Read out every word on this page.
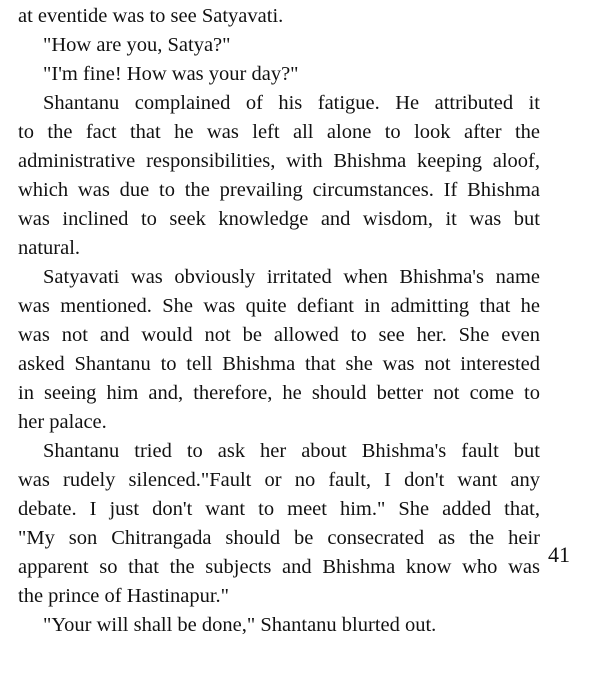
at eventide was to see Satyavati.
"How are you, Satya?"
"I'm fine! How was your day?"
Shantanu complained of his fatigue. He attributed it
to the fact that he was left all alone to look after the
administrative responsibilities, with Bhishma keeping aloof,
which was due to the prevailing circumstances. If Bhishma
was inclined to seek knowledge and wisdom, it was but
natural.
Satyavati was obviously irritated when Bhishma's name
was mentioned. She was quite defiant in admitting that he
was not and would not be allowed to see her. She even
asked Shantanu to tell Bhishma that she was not interested
in seeing him and, therefore, he should better not come to
her palace.
Shantanu tried to ask her about Bhishma's fault but
was rudely silenced."Fault or no fault, I don't want any
debate. I just don't want to meet him." She added that,
"My son Chitrangada should be consecrated as the heir
apparent so that the subjects and Bhishma know who was
the prince of Hastinapur."
"Your will shall be done," Shantanu blurted out.
41
